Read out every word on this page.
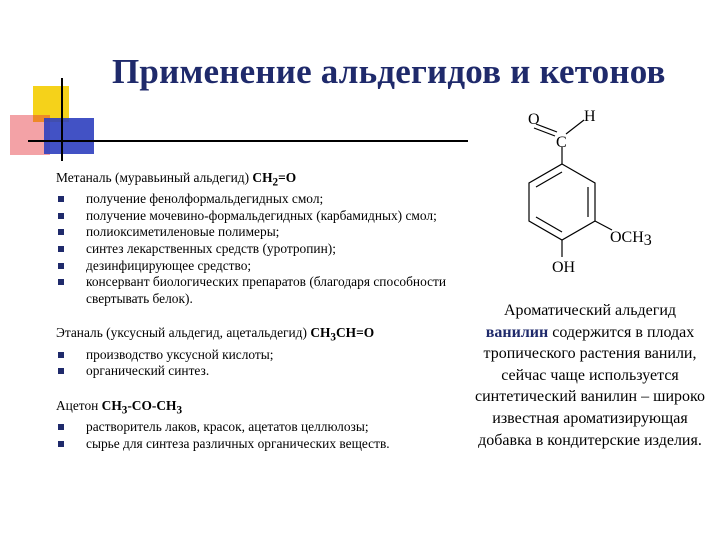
Применение альдегидов и кетонов
Метаналь (муравьиный альдегид) $CH_2=O$
получение фенолформальдегидных смол;
получение мочевино-формальдегидных (карбамидных) смол;
полиоксиметиленовые полимеры;
синтез лекарственных средств (уротропин);
дезинфицирующее средство;
консервант биологических препаратов (благодаря способности свертывать белок).
Этаналь (уксусный альдегид, ацетальдегид) $CH_3CH=O$
производство уксусной кислоты;
органический синтез.
Ацетон $CH_3-CO-CH_3$
растворитель лаков, красок, ацетатов целлюлозы;
сырье для синтеза различных органических веществ.
O	H
C
OCH3
OH
Ароматический альдегид ванилин содержится в плодах тропического растения ванили, сейчас чаще используется синтетический ванилин – широко известная ароматизирующая добавка в кондитерские изделия.
